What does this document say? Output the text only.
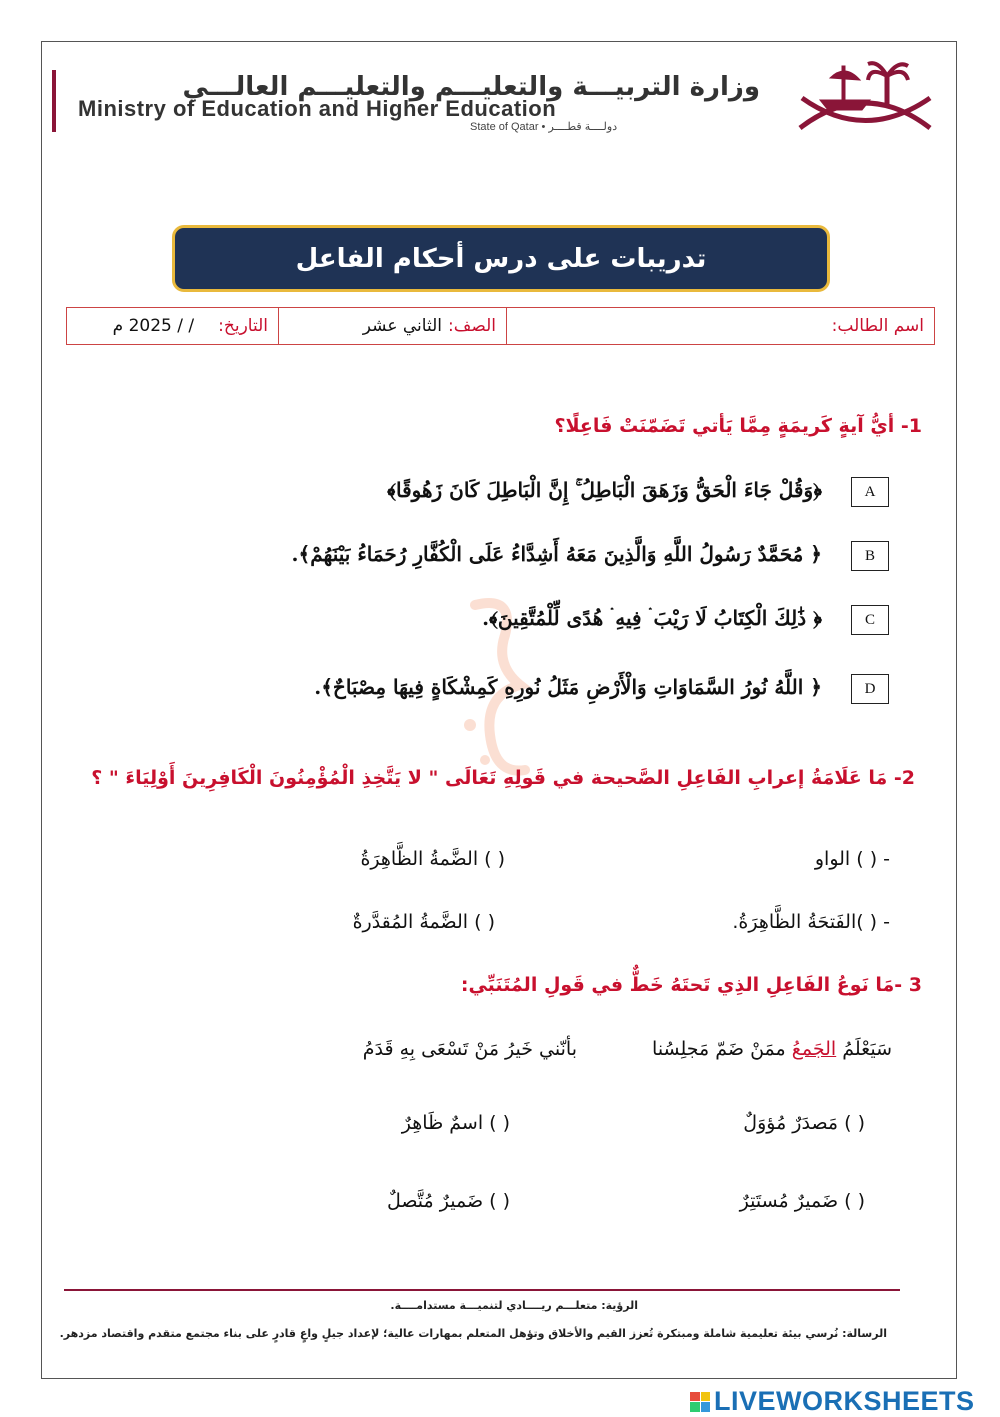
وزارة التربيـــة والتعليـــم والتعليـــم العالـــي
Ministry of Education and Higher Education
State of Qatar • دولــــة قطــــر
تدريبات على درس أحكام الفاعل
اسم الطالب:
الصف:
الثاني عشر
التاريخ:
/ / 2025 م
1- أيُّ آيةٍ كَريمَةٍ مِمَّا يَأتي تَضَمّنَتْ فَاعِلًا؟
A
﴿وَقُلْ جَاءَ الْحَقُّ وَزَهَقَ الْبَاطِلُ ۚ إِنَّ الْبَاطِلَ كَانَ زَهُوقًا﴾
B
﴿ مُحَمَّدٌ رَسُولُ اللَّهِ وَالَّذِينَ مَعَهُ أَشِدَّاءُ عَلَى الْكُفَّارِ رُحَمَاءُ بَيْنَهُمْ﴾.
C
﴿ ذَٰلِكَ الْكِتَابُ لَا رَيْبَ ۛ فِيهِ ۛ هُدًى لِّلْمُتَّقِينَ﴾.
D
﴿ اللَّهُ نُورُ السَّمَاوَاتِ وَالْأَرْضِ مَثَلُ نُورِهِ كَمِشْكَاةٍ فِيهَا مِصْبَاحٌ﴾.
2- مَا عَلَامَةُ إعرابِ الفَاعِلِ الصَّحيحة في قَولِهِ تَعَالَى " لا يَتَّخِذِ الْمُؤْمِنُونَ الْكَافِرِينَ أَوْلِيَاءَ " ؟
- ( ) الواو
( ) الضَّمةُ الظَّاهِرَةُ
- ( )الفَتحَةُ الظَّاهِرَةُ.
( ) الضَّمةُ المُقدَّرةٌ
3 -مَا نَوعُ الفَاعِلِ الذِي تَحتَهُ خَطٌّ في قَولِ المُتَنَبِّي:
سَيَعْلَمُ الجَمعُ ممَنْ ضَمّ مَجلِسُنا
بأنّني خَيرُ مَنْ تَسْعَى بِهِ قَدَمُ
( ) مَصدَرٌ مُؤوَلٌ
( ) اسمٌ ظَاهِرٌ
( ) ضَميرٌ مُستَتِرٌ
( ) ضَميرٌ مُتَّصلٌ
الرؤية: متعلـــم ريــــادي لتنميـــة مستدامــــة.
الرسالة: نُرسي بيئة تعليمية شاملة ومبتكرة تُعزز القيم والأخلاق وتؤهل المتعلم بمهارات عالية؛ لإعداد جيلٍ واعٍ قادرٍ على بناء مجتمع متقدم واقتصاد مزدهر.
LIVEWORKSHEETS
